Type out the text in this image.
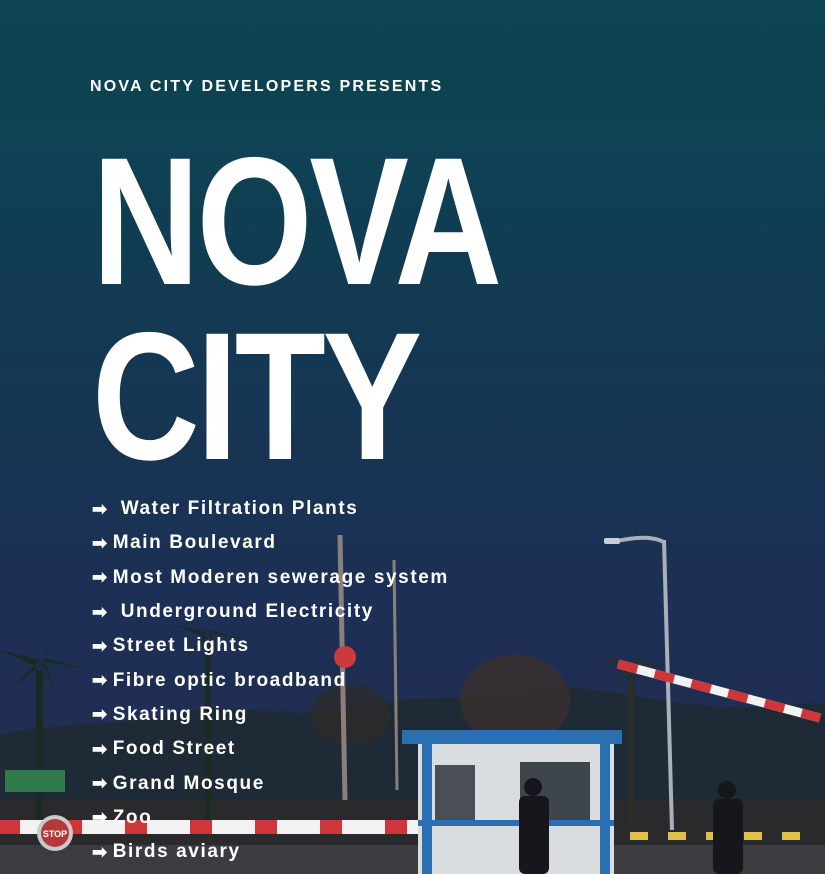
STOP
NOVA CITY DEVELOPERS PRESENTS
NOVA
CITY
➡ Water Filtration Plants
➡ Main Boulevard
➡ Most Moderen sewerage system
➡ Underground Electricity
➡ Street Lights
➡ Fibre optic broadband
➡ Skating Ring
➡ Food Street
➡ Grand Mosque
➡ Zoo
➡ Birds aviary
